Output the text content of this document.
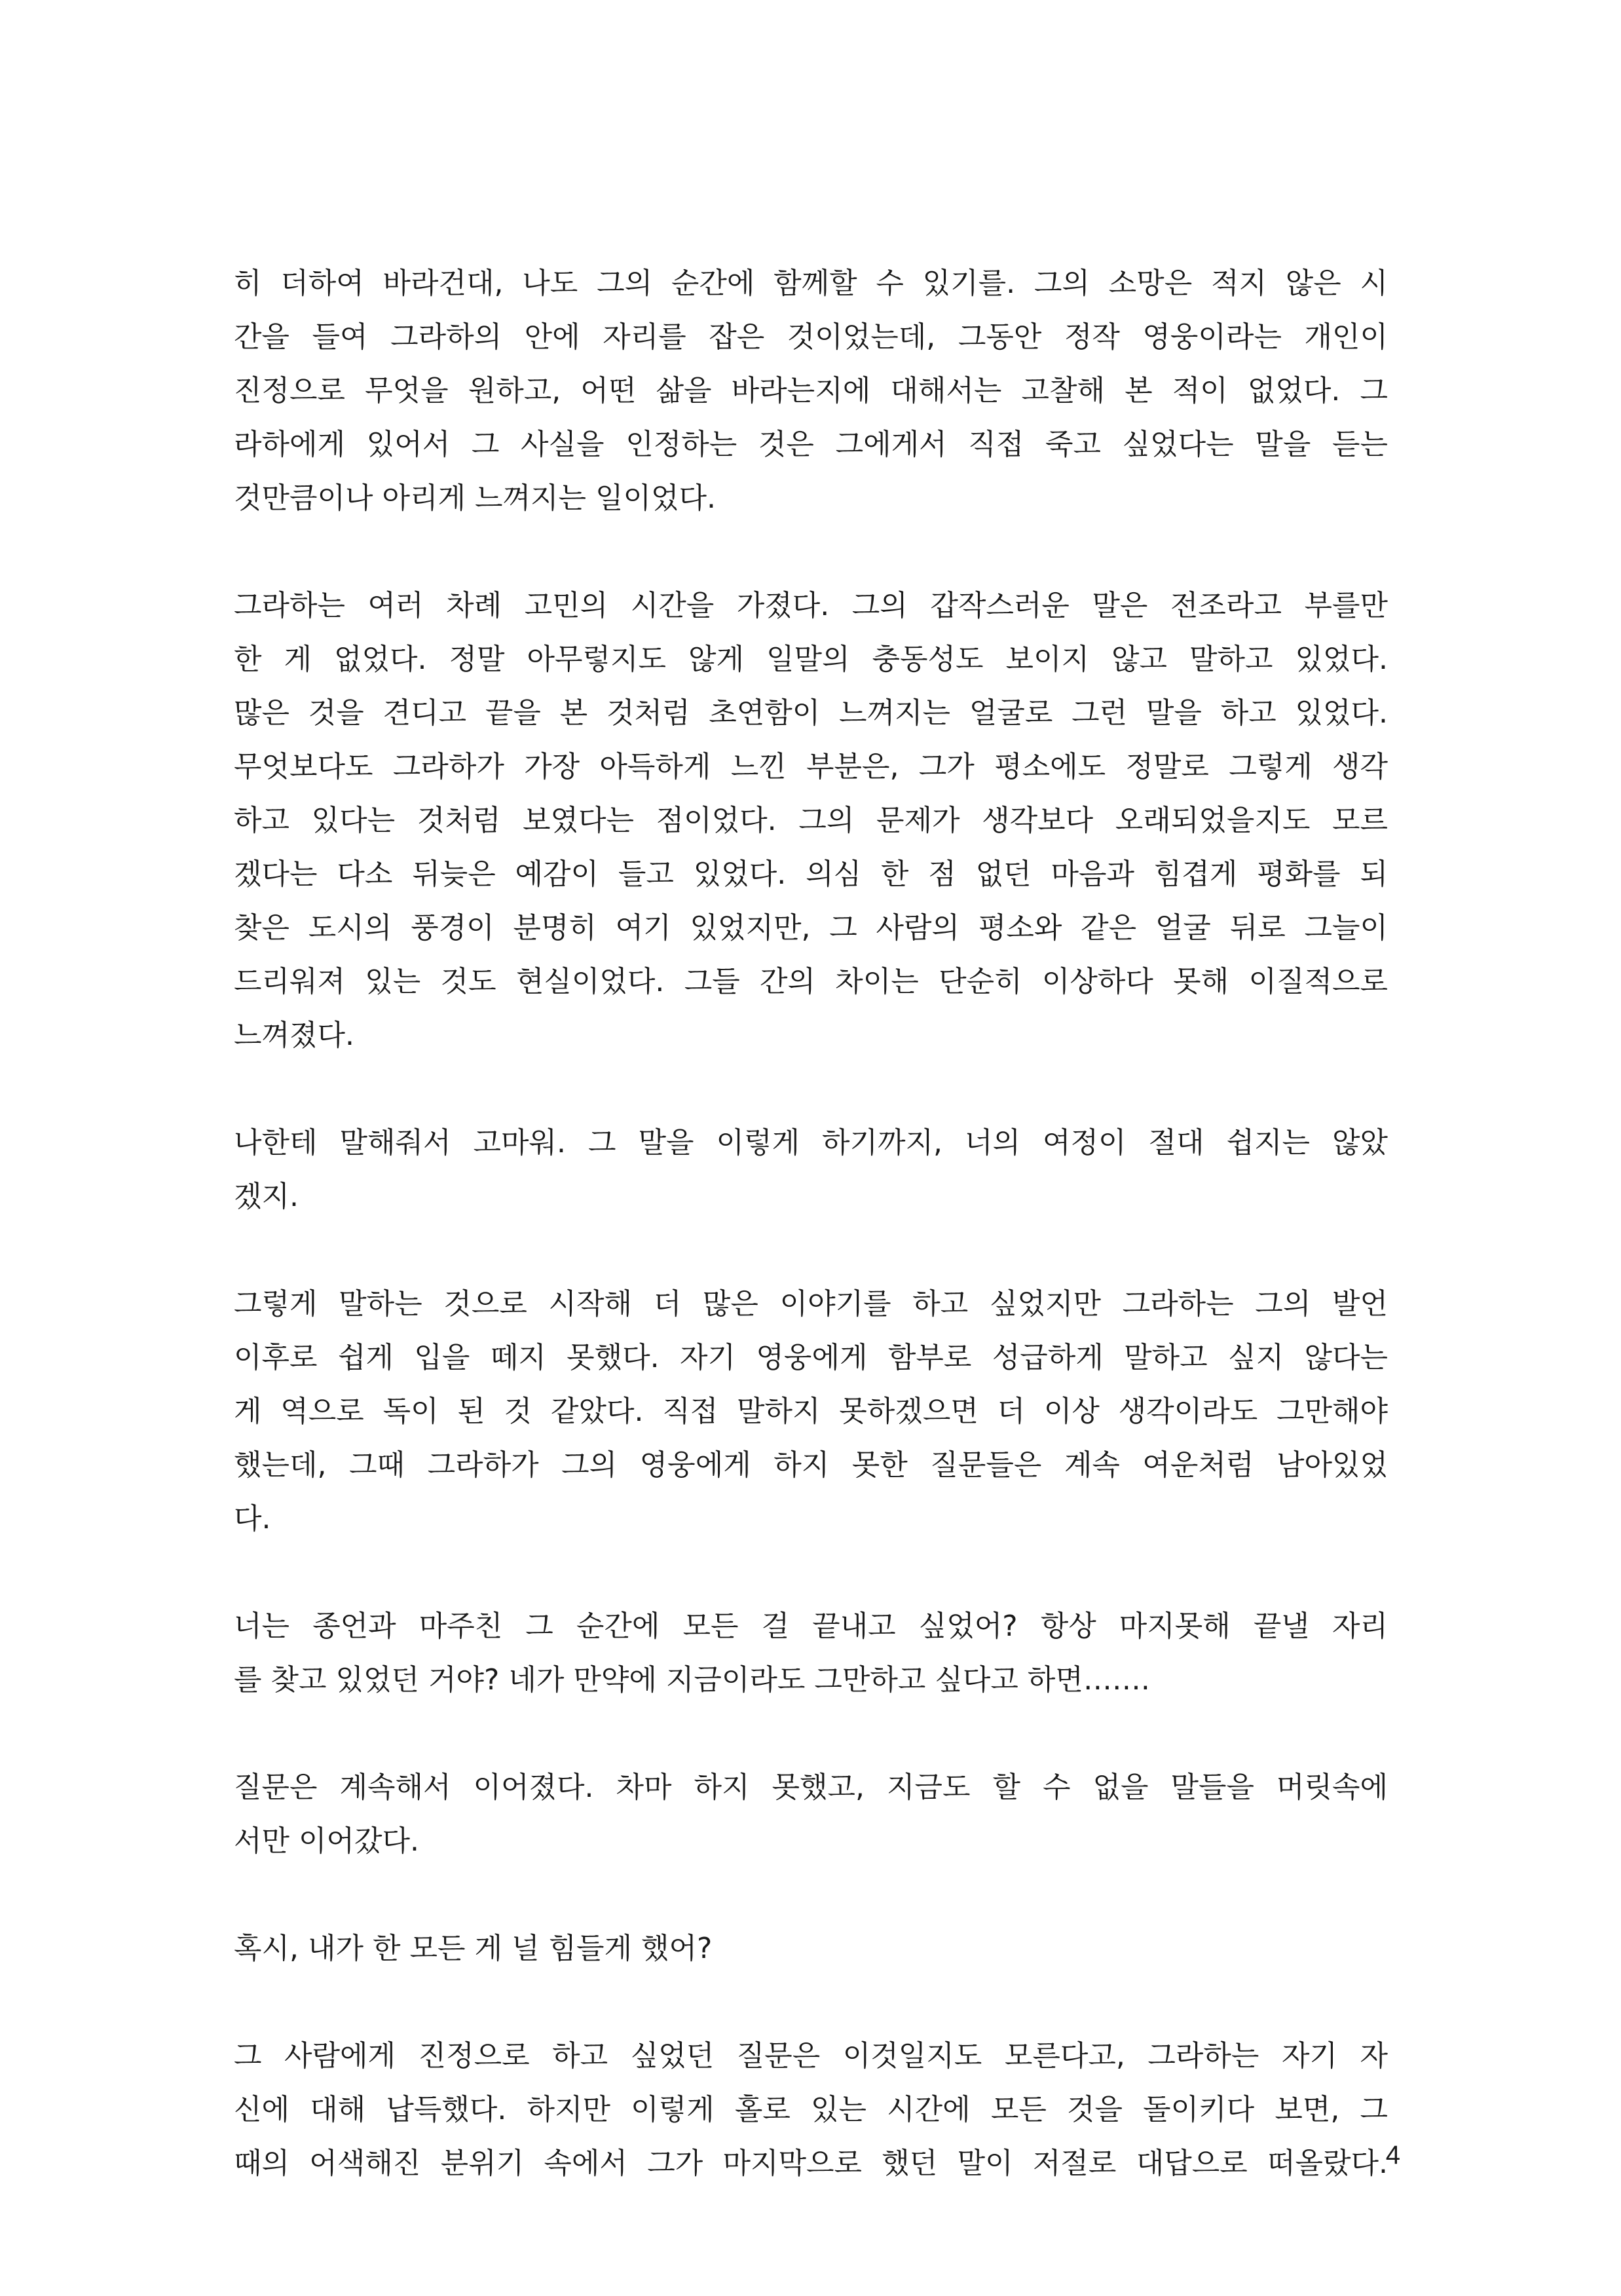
히 더하여 바라건대, 나도 그의 순간에 함께할 수 있기를. 그의 소망은 적지 않은 시
간을 들여 그라하의 안에 자리를 잡은 것이었는데, 그동안 정작 영웅이라는 개인이
진정으로 무엇을 원하고, 어떤 삶을 바라는지에 대해서는 고찰해 본 적이 없었다. 그
라하에게 있어서 그 사실을 인정하는 것은 그에게서 직접 죽고 싶었다는 말을 듣는
것만큼이나 아리게 느껴지는 일이었다.
그라하는 여러 차례 고민의 시간을 가졌다. 그의 갑작스러운 말은 전조라고 부를만
한 게 없었다. 정말 아무렇지도 않게 일말의 충동성도 보이지 않고 말하고 있었다.
많은 것을 견디고 끝을 본 것처럼 초연함이 느껴지는 얼굴로 그런 말을 하고 있었다.
무엇보다도 그라하가 가장 아득하게 느낀 부분은, 그가 평소에도 정말로 그렇게 생각
하고 있다는 것처럼 보였다는 점이었다. 그의 문제가 생각보다 오래되었을지도 모르
겠다는 다소 뒤늦은 예감이 들고 있었다. 의심 한 점 없던 마음과 힘겹게 평화를 되
찾은 도시의 풍경이 분명히 여기 있었지만, 그 사람의 평소와 같은 얼굴 뒤로 그늘이
드리워져 있는 것도 현실이었다. 그들 간의 차이는 단순히 이상하다 못해 이질적으로
느껴졌다.
나한테 말해줘서 고마워. 그 말을 이렇게 하기까지, 너의 여정이 절대 쉽지는 않았
겠지.
그렇게 말하는 것으로 시작해 더 많은 이야기를 하고 싶었지만 그라하는 그의 발언
이후로 쉽게 입을 떼지 못했다. 자기 영웅에게 함부로 성급하게 말하고 싶지 않다는
게 역으로 독이 된 것 같았다. 직접 말하지 못하겠으면 더 이상 생각이라도 그만해야
했는데, 그때 그라하가 그의 영웅에게 하지 못한 질문들은 계속 여운처럼 남아있었
다.
너는 종언과 마주친 그 순간에 모든 걸 끝내고 싶었어? 항상 마지못해 끝낼 자리
를 찾고 있었던 거야? 네가 만약에 지금이라도 그만하고 싶다고 하면…….
질문은 계속해서 이어졌다. 차마 하지 못했고, 지금도 할 수 없을 말들을 머릿속에
서만 이어갔다.
혹시, 내가 한 모든 게 널 힘들게 했어?
그 사람에게 진정으로 하고 싶었던 질문은 이것일지도 모른다고, 그라하는 자기 자
신에 대해 납득했다. 하지만 이렇게 홀로 있는 시간에 모든 것을 돌이키다 보면, 그
때의 어색해진 분위기 속에서 그가 마지막으로 했던 말이 저절로 대답으로 떠올랐다.
4
